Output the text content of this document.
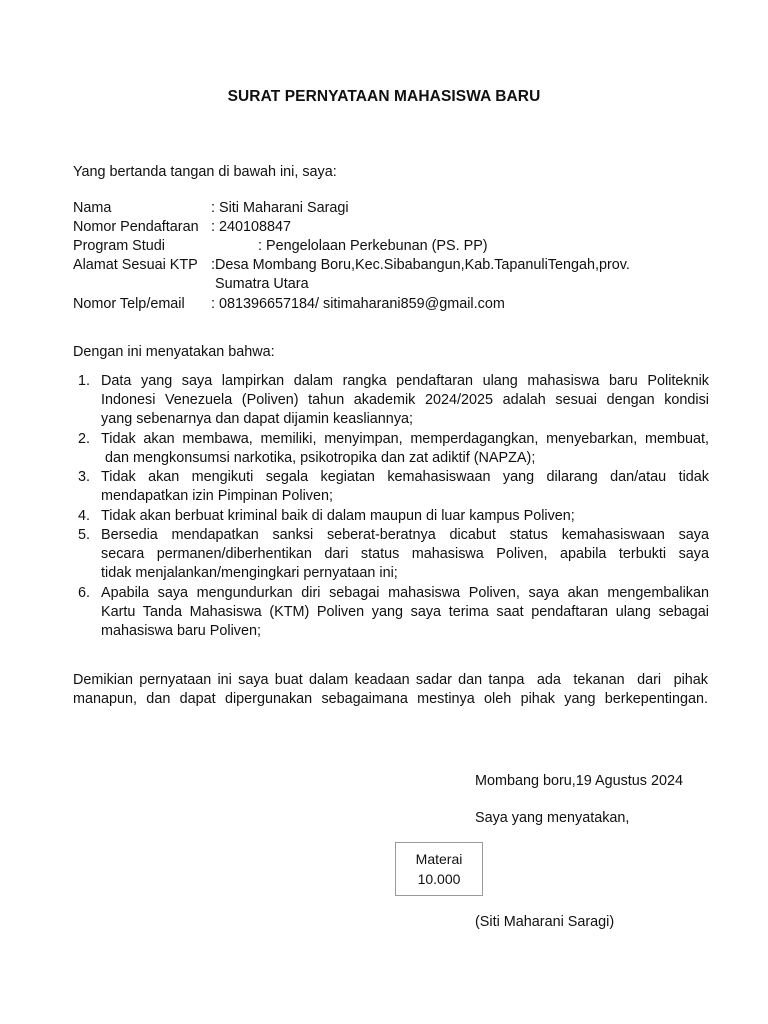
SURAT PERNYATAAN MAHASISWA BARU
Yang bertanda tangan di bawah ini, saya:
Nama	: Siti Maharani Saragi
Nomor Pendaftaran : 240108847
Program Studi	: Pengelolaan Perkebunan (PS. PP)
Alamat Sesuai KTP :Desa Mombang Boru,Kec.Sibabangun,Kab.TapanuliTengah,prov.
Sumatra Utara
Nomor Telp/email : 081396657184/ sitimaharani859@gmail.com
Dengan ini menyatakan bahwa:
1. Data yang saya lampirkan dalam rangka pendaftaran ulang mahasiswa baru Politeknik
Indonesi Venezuela (Poliven) tahun akademik 2024/2025 adalah sesuai dengan kondisi
yang sebenarnya dan dapat dijamin keasliannya;
2. Tidak akan membawa, memiliki, menyimpan, memperdagangkan, menyebarkan, membuat,
dan mengkonsumsi narkotika, psikotropika dan zat adiktif (NAPZA);
3. Tidak akan mengikuti segala kegiatan kemahasiswaan yang dilarang dan/atau tidak
mendapatkan izin Pimpinan Poliven;
4. Tidak akan berbuat kriminal baik di dalam maupun di luar kampus Poliven;
5. Bersedia mendapatkan sanksi seberat-beratnya dicabut status kemahasiswaan saya
secara permanen/diberhentikan dari status mahasiswa Poliven, apabila terbukti saya
tidak menjalankan/mengingkari pernyataan ini;
6. Apabila saya mengundurkan diri sebagai mahasiswa Poliven, saya akan mengembalikan
Kartu Tanda Mahasiswa (KTM) Poliven yang saya terima saat pendaftaran ulang sebagai
mahasiswa baru Poliven;
Demikian pernyataan ini saya buat dalam keadaan sadar dan tanpa  ada  tekanan  dari  pihak
manapun, dan dapat dipergunakan sebagaimana mestinya oleh pihak yang berkepentingan.
Mombang boru,19 Agustus 2024
Saya yang menyatakan,
Materai
10.000
(Siti Maharani Saragi)
